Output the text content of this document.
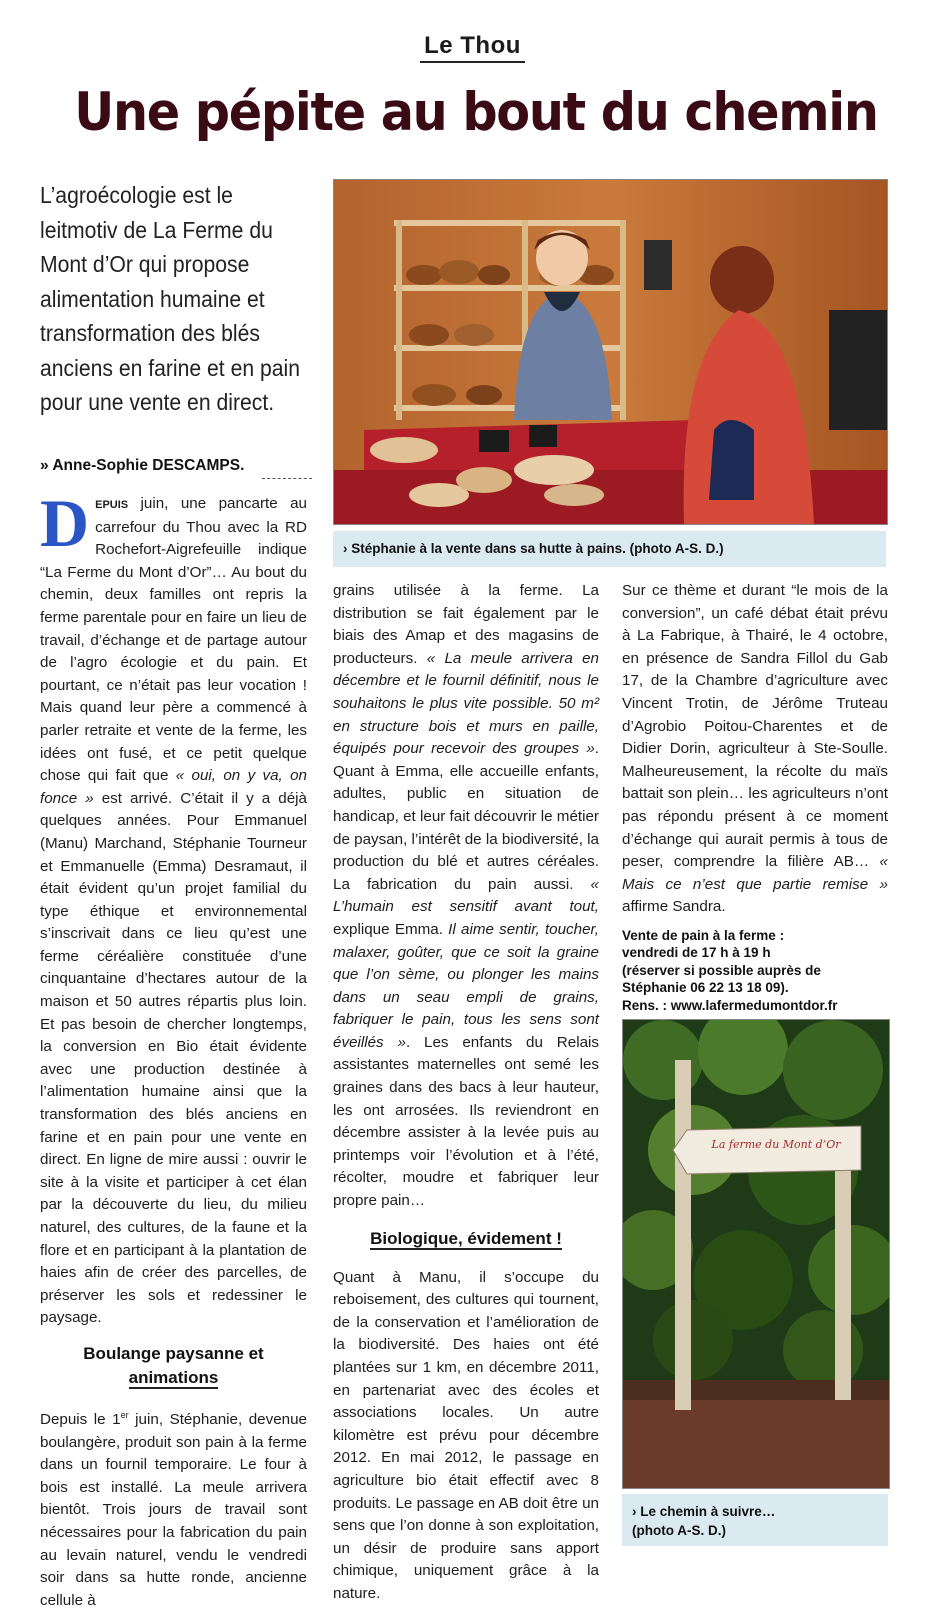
Le Thou
Une pépite au bout du chemin
L’agroécologie est le leitmotiv de La Ferme du Mont d’Or qui propose alimentation humaine et transformation des blés anciens en farine et en pain pour une vente en direct.
» Anne-Sophie DESCAMPS.
› Stéphanie à la vente dans sa hutte à pains. (photo A-S. D.)

DEPUIS juin, une pancarte au carrefour du Thou avec la RD Rochefort-Aigrefeuille indique “La Ferme du Mont d’Or”… Au bout du chemin, deux familles ont repris la ferme parentale pour en faire un lieu de travail, d’échange et de partage autour de l’agro écologie et du pain. Et pourtant, ce n’était pas leur vocation ! Mais quand leur père a commencé à parler retraite et vente de la ferme, les idées ont fusé, et ce petit quelque chose qui fait que « oui, on y va, on fonce » est arrivé. C’était il y a déjà quelques années. Pour Emmanuel (Manu) Marchand, Stéphanie Tourneur et Emmanuelle (Emma) Desramaut, il était évident qu’un projet familial du type éthique et environnemental s’inscrivait dans ce lieu qu’est une ferme céréalière constituée d’une cinquantaine d’hectares autour de la maison et 50 autres répartis plus loin. Et pas besoin de chercher longtemps, la conversion en Bio était évidente avec une production destinée à l’alimentation humaine ainsi que la transformation des blés anciens en farine et en pain pour une vente en direct. En ligne de mire aussi : ouvrir le site à la visite et participer à cet élan par la découverte du lieu, du milieu naturel, des cultures, de la faune et la flore et en participant à la plantation de haies afin de créer des parcelles, de préserver les sols et redessiner le paysage.

Boulange paysanne et
animations

Depuis le 1er juin, Stéphanie, devenue boulangère, produit son pain à la ferme dans un fournil temporaire. Le four à bois est installé. La meule arrivera bientôt. Trois jours de travail sont nécessaires pour la fabrication du pain au levain naturel, vendu le vendredi soir dans sa hutte ronde, ancienne cellule à

grains utilisée à la ferme. La distribution se fait également par le biais des Amap et des magasins de producteurs. « La meule arrivera en décembre et le fournil définitif, nous le souhaitons le plus vite possible. 50 m² en structure bois et murs en paille, équipés pour recevoir des groupes ». Quant à Emma, elle accueille enfants, adultes, public en situation de handicap, et leur fait découvrir le métier de paysan, l’intérêt de la biodiversité, la production du blé et autres céréales. La fabrication du pain aussi. « L’humain est sensitif avant tout, explique Emma. Il aime sentir, toucher, malaxer, goûter, que ce soit la graine que l’on sème, ou plonger les mains dans un seau empli de grains, fabriquer le pain, tous les sens sont éveillés ». Les enfants du Relais assistantes maternelles ont semé les graines dans des bacs à leur hauteur, les ont arrosées. Ils reviendront en décembre assister à la levée puis au printemps voir l’évolution et à l’été, récolter, moudre et fabriquer leur propre pain…

Biologique, évidement !

Quant à Manu, il s’occupe du reboisement, des cultures qui tournent, de la conservation et l’amélioration de la biodiversité. Des haies ont été plantées sur 1 km, en décembre 2011, en partenariat avec des écoles et associations locales. Un autre kilomètre est prévu pour décembre 2012. En mai 2012, le passage en agriculture bio était effectif avec 8 produits. Le passage en AB doit être un sens que l’on donne à son exploitation, un désir de produire sans apport chimique, uniquement grâce à la nature.

Sur ce thème et durant “le mois de la conversion”, un café débat était prévu à La Fabrique, à Thairé, le 4 octobre, en présence de Sandra Fillol du Gab 17, de la Chambre d’agriculture avec Vincent Trotin, de Jérôme Truteau d’Agrobio Poitou-Charentes et de Didier Dorin, agriculteur à Ste-Soulle. Malheureusement, la récolte du maïs battait son plein… les agriculteurs n’ont pas répondu présent à ce moment d’échange qui aurait permis à tous de peser, comprendre la filière AB… « Mais ce n’est que partie remise » affirme Sandra.

Vente de pain à la ferme :
vendredi de 17 h à 19 h
(réserver si possible auprès de
Stéphanie 06 22 13 18 09).
Rens. : www.lafermedumontdor.fr
La ferme du Mont d’Or
› Le chemin à suivre…
(photo A-S. D.)
